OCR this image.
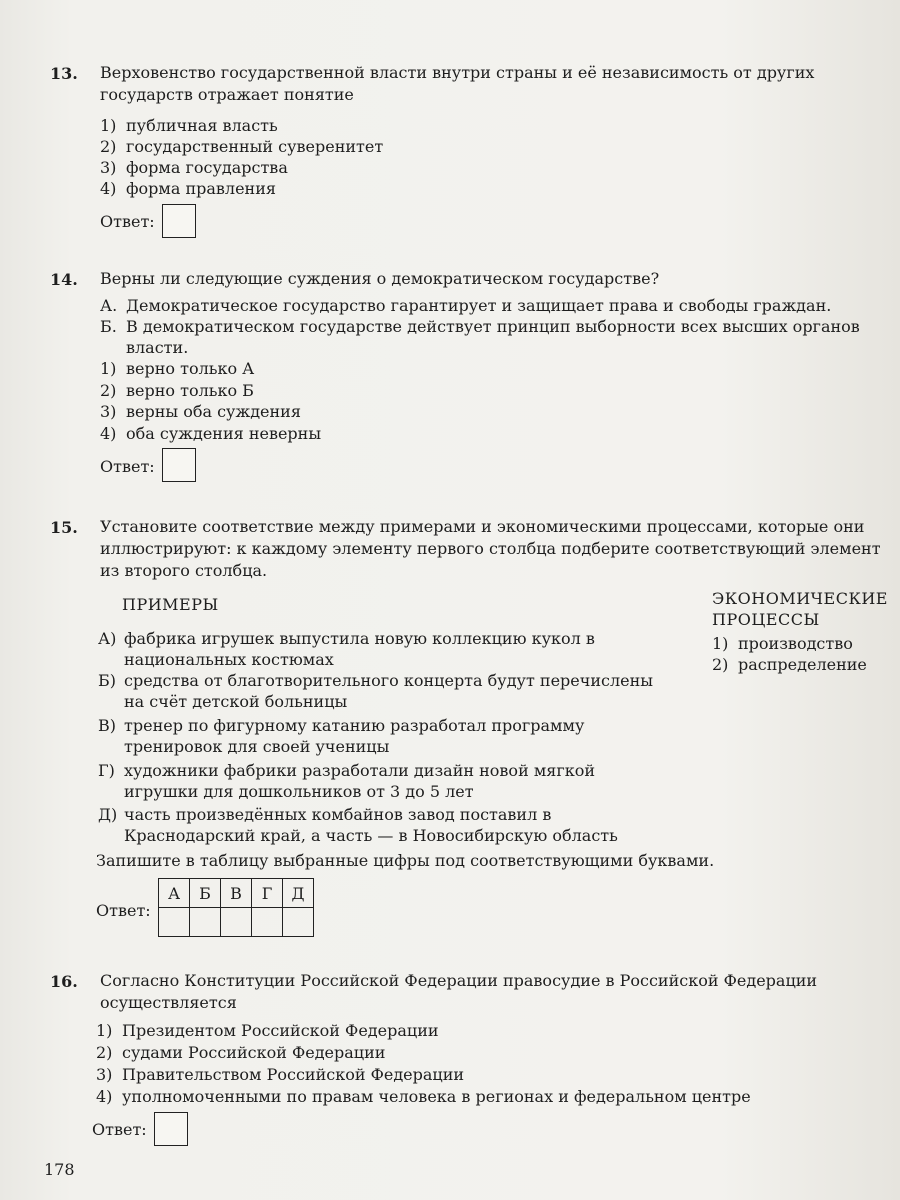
13. Верховенство государственной власти внутри страны и её независимость от других государств отражает понятие
1) публичная власть
2) государственный суверенитет
3) форма государства
4) форма правления
Ответ:
14. Верны ли следующие суждения о демократическом государстве?
А. Демократическое государство гарантирует и защищает права и свободы граждан.
Б. В демократическом государстве действует принцип выборности всех высших органов власти.
1) верно только А
2) верно только Б
3) верны оба суждения
4) оба суждения неверны
Ответ:
15. Установите соответствие между примерами и экономическими процессами, которые они иллюстрируют: к каждому элементу первого столбца подберите соответствующий элемент из второго столбца.
ПРИМЕРЫ	ЭКОНОМИЧЕСКИЕ
ПРОЦЕССЫ
1) производство
2) распределение
А) фабрика игрушек выпустила новую коллекцию кукол в национальных костюмах
Б) средства от благотворительного концерта будут перечислены на счёт детской больницы
В) тренер по фигурному катанию разработал программу тренировок для своей ученицы
Г) художники фабрики разработали дизайн новой мягкой игрушки для дошкольников от 3 до 5 лет
Д) часть произведённых комбайнов завод поставил в Краснодарский край, а часть — в Новосибирскую область
Запишите в таблицу выбранные цифры под соответствующими буквами.
Ответ:
А	Б	В	Г	Д

16. Согласно Конституции Российской Федерации правосудие в Российской Федерации осуществляется
1) Президентом Российской Федерации
2) судами Российской Федерации
3) Правительством Российской Федерации
4) уполномоченными по правам человека в регионах и федеральном центре
Ответ:
178
